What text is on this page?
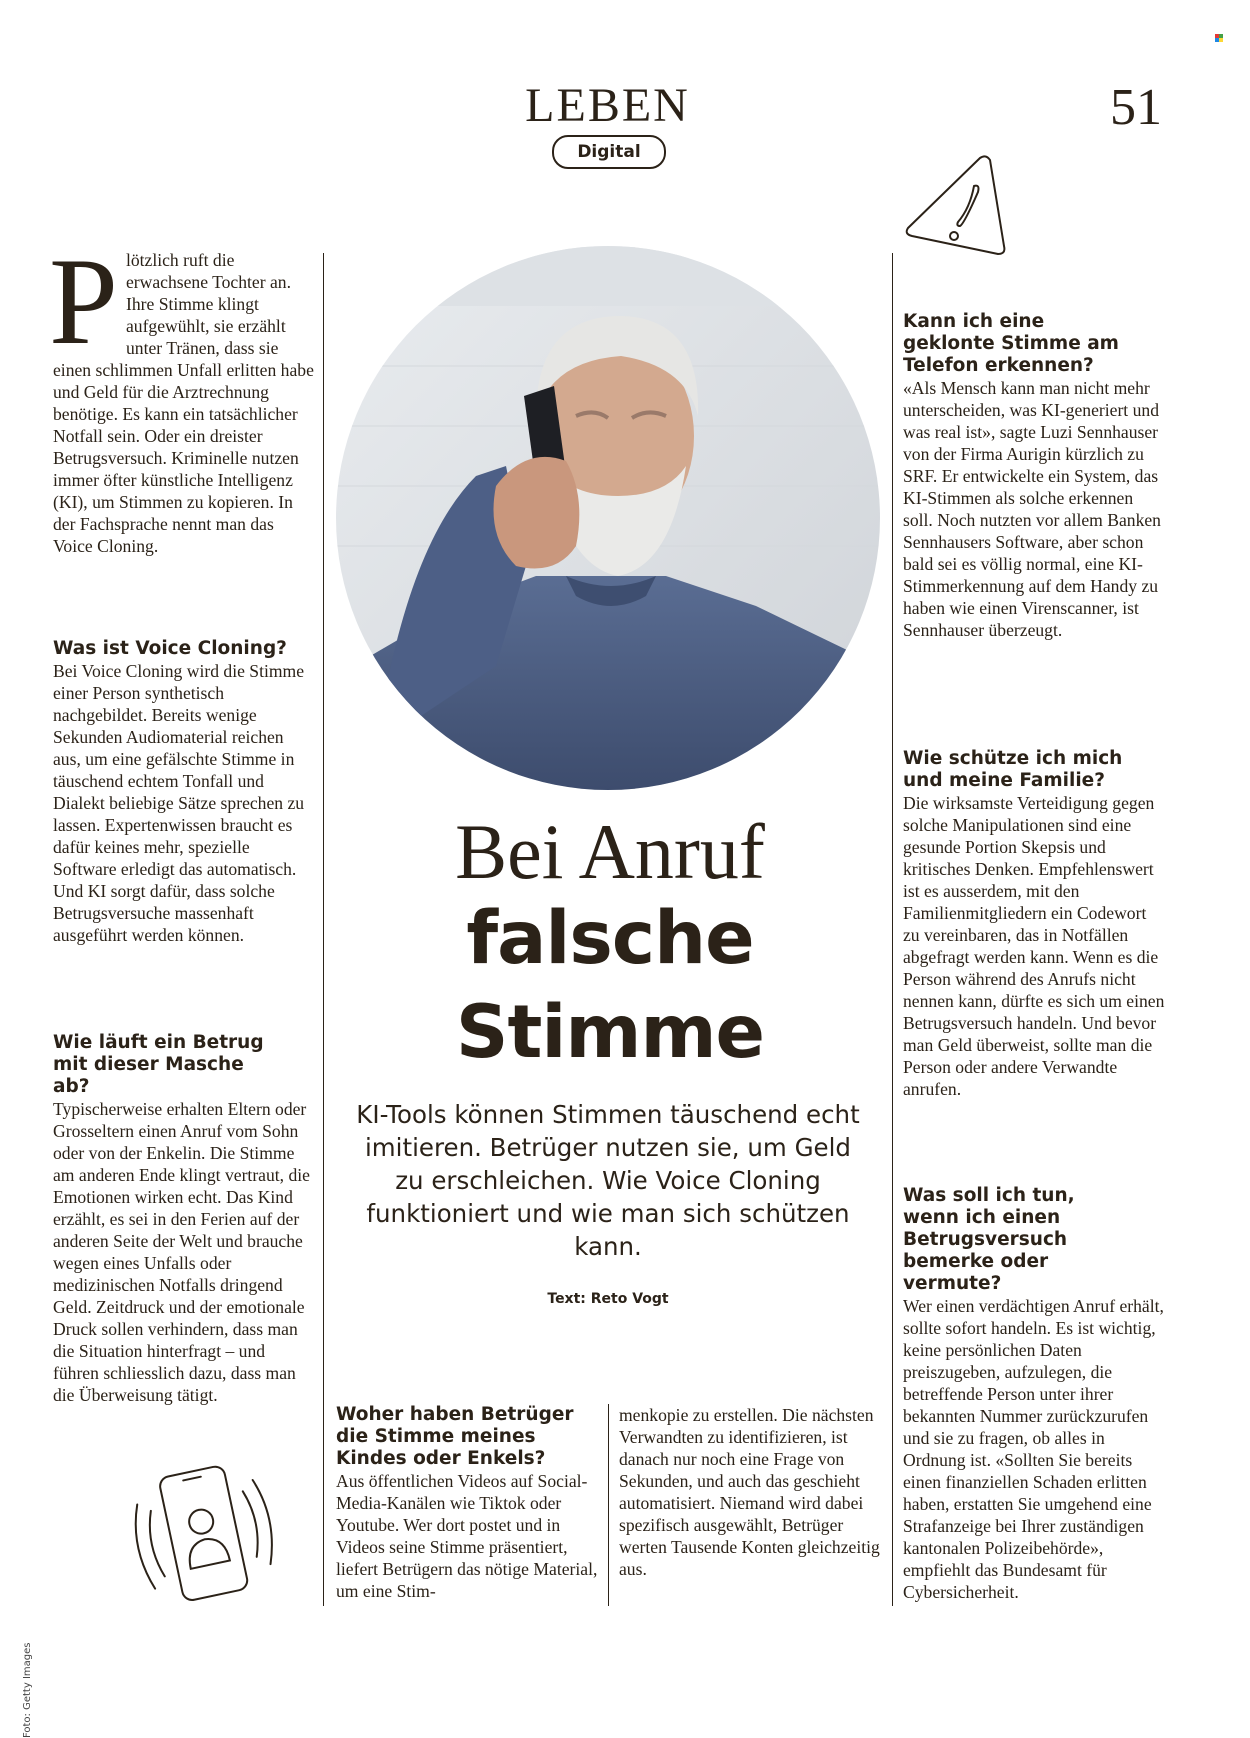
LEBEN
Digital
51

Plötzlich ruft die erwachsene Tochter an. Ihre Stimme klingt aufgewühlt, sie erzählt unter Tränen, dass sie einen schlimmen Unfall erlitten habe und Geld für die Arztrechnung benötige. Es kann ein tatsächlicher Notfall sein. Oder ein dreister Betrugsversuch. Kriminelle nutzen immer öfter künstliche Intelligenz (KI), um Stimmen zu kopieren. In der Fachsprache nennt man das Voice Cloning.

Was ist Voice Cloning?

Bei Voice Cloning wird die Stimme einer Person synthetisch nachgebildet. Bereits wenige Sekunden Audiomaterial reichen aus, um eine gefälschte Stimme in täuschend echtem Tonfall und Dialekt beliebige Sätze sprechen zu lassen. Expertenwissen braucht es dafür keines mehr, spezielle Software erledigt das automatisch. Und KI sorgt dafür, dass solche Betrugsversuche massenhaft ausgeführt werden können.

Wie läuft ein Betrug mit dieser Masche ab?

Typischerweise erhalten Eltern oder Grosseltern einen Anruf vom Sohn oder von der Enkelin. Die Stimme am anderen Ende klingt vertraut, die Emotionen wirken echt. Das Kind erzählt, es sei in den Ferien auf der anderen Seite der Welt und brauche wegen eines Unfalls oder medizinischen Notfalls dringend Geld. Zeitdruck und der emotionale Druck sollen verhindern, dass man die Situation hinterfragt – und führen schliesslich dazu, dass man die Überweisung tätigt.

Foto: Getty Images
Bei Anruf
falsche
Stimme
KI-Tools können Stimmen täuschend echt imitieren. Betrüger nutzen sie, um Geld zu erschleichen. Wie Voice Cloning funktioniert und wie man sich schützen kann.
Text: Reto Vogt
Woher haben Betrüger die Stimme meines Kindes oder Enkels?

Aus öffentlichen Videos auf Social-Media-Kanälen wie Tiktok oder Youtube. Wer dort postet und in Videos seine Stimme präsentiert, liefert Betrügern das nötige Material, um eine Stim-

menkopie zu erstellen. Die nächsten Verwandten zu identifizieren, ist danach nur noch eine Frage von Sekunden, und auch das geschieht automatisiert. Niemand wird dabei spezifisch ausgewählt, Betrüger werten Tausende Konten gleichzeitig aus.

Kann ich eine geklonte Stimme am Telefon erkennen?

«Als Mensch kann man nicht mehr unterscheiden, was KI-generiert und was real ist», sagte Luzi Sennhauser von der Firma Aurigin kürzlich zu SRF. Er entwickelte ein System, das KI-Stimmen als solche erkennen soll. Noch nutzten vor allem Banken Sennhausers Software, aber schon bald sei es völlig normal, eine KI-Stimmerkennung auf dem Handy zu haben wie einen Virenscanner, ist Sennhauser überzeugt.

Wie schütze ich mich und meine Familie?

Die wirksamste Verteidigung gegen solche Manipulationen sind eine gesunde Portion Skepsis und kritisches Denken. Empfehlenswert ist es ausserdem, mit den Familienmitgliedern ein Codewort zu vereinbaren, das in Notfällen abgefragt werden kann. Wenn es die Person während des Anrufs nicht nennen kann, dürfte es sich um einen Betrugsversuch handeln. Und bevor man Geld überweist, sollte man die Person oder andere Verwandte anrufen.

Was soll ich tun, wenn ich einen Betrugsversuch bemerke oder vermute?

Wer einen verdächtigen Anruf erhält, sollte sofort handeln. Es ist wichtig, keine persönlichen Daten preiszugeben, aufzulegen, die betreffende Person unter ihrer bekannten Nummer zurückzurufen und sie zu fragen, ob alles in Ordnung ist. «Sollten Sie bereits einen finanziellen Schaden erlitten haben, erstatten Sie umgehend eine Strafanzeige bei Ihrer zuständigen kantonalen Polizeibehörde», empfiehlt das Bundesamt für Cybersicherheit.
